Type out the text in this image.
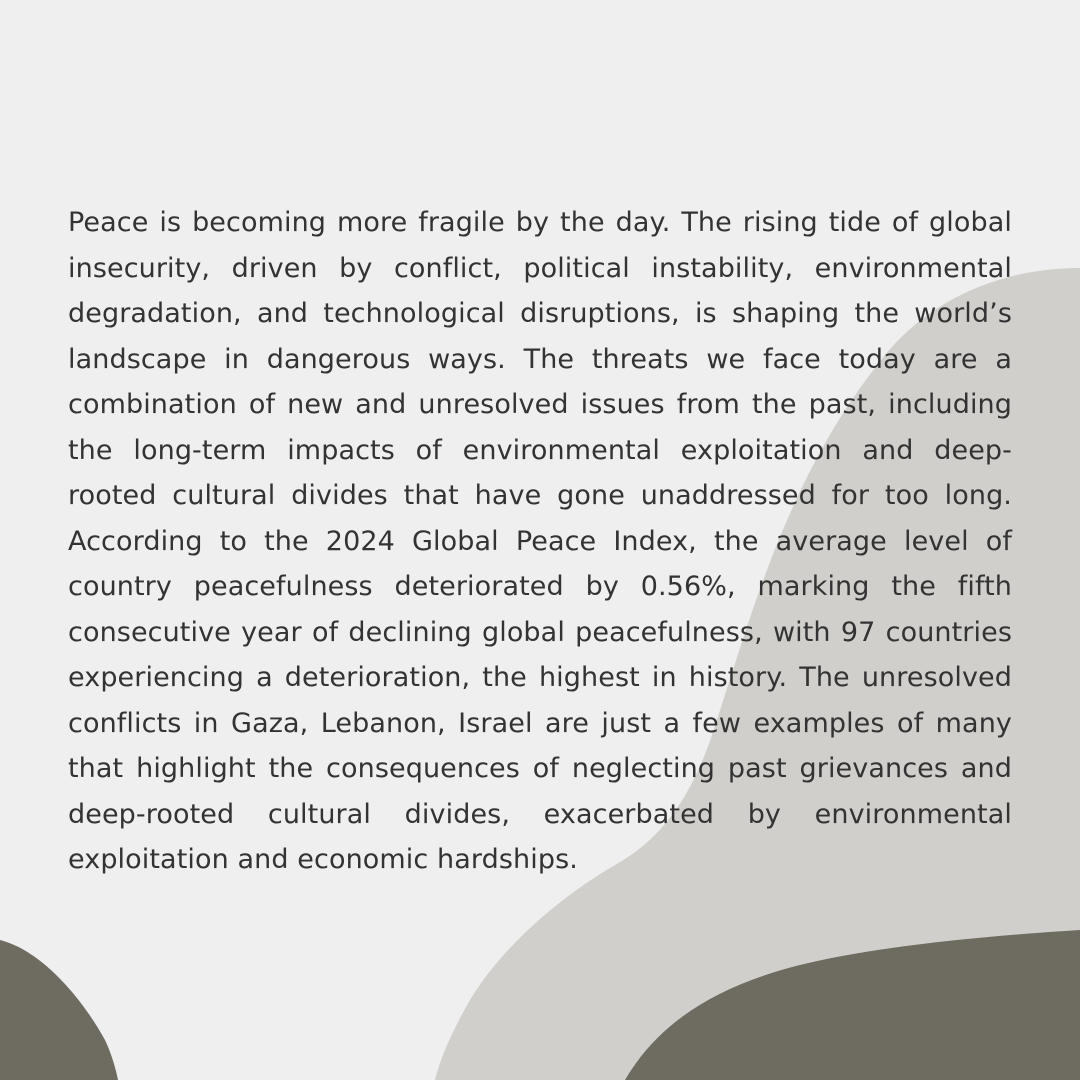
Peace is becoming more fragile by the day. The rising tide of global insecurity, driven by conflict, political instability, environmental degradation, and technological disruptions, is shaping the world’s landscape in dangerous ways. The threats we face today are a combination of new and unresolved issues from the past, including the long-term impacts of environmental exploitation and deep-rooted cultural divides that have gone unaddressed for too long. According to the 2024 Global Peace Index, the average level of country peacefulness deteriorated by 0.56%, marking the fifth consecutive year of declining global peacefulness, with 97 countries experiencing a deterioration, the highest in history. The unresolved conflicts in Gaza, Lebanon, Israel are just a few examples of many that highlight the consequences of neglecting past grievances and deep-rooted cultural divides, exacerbated by environmental exploitation and economic hardships.
